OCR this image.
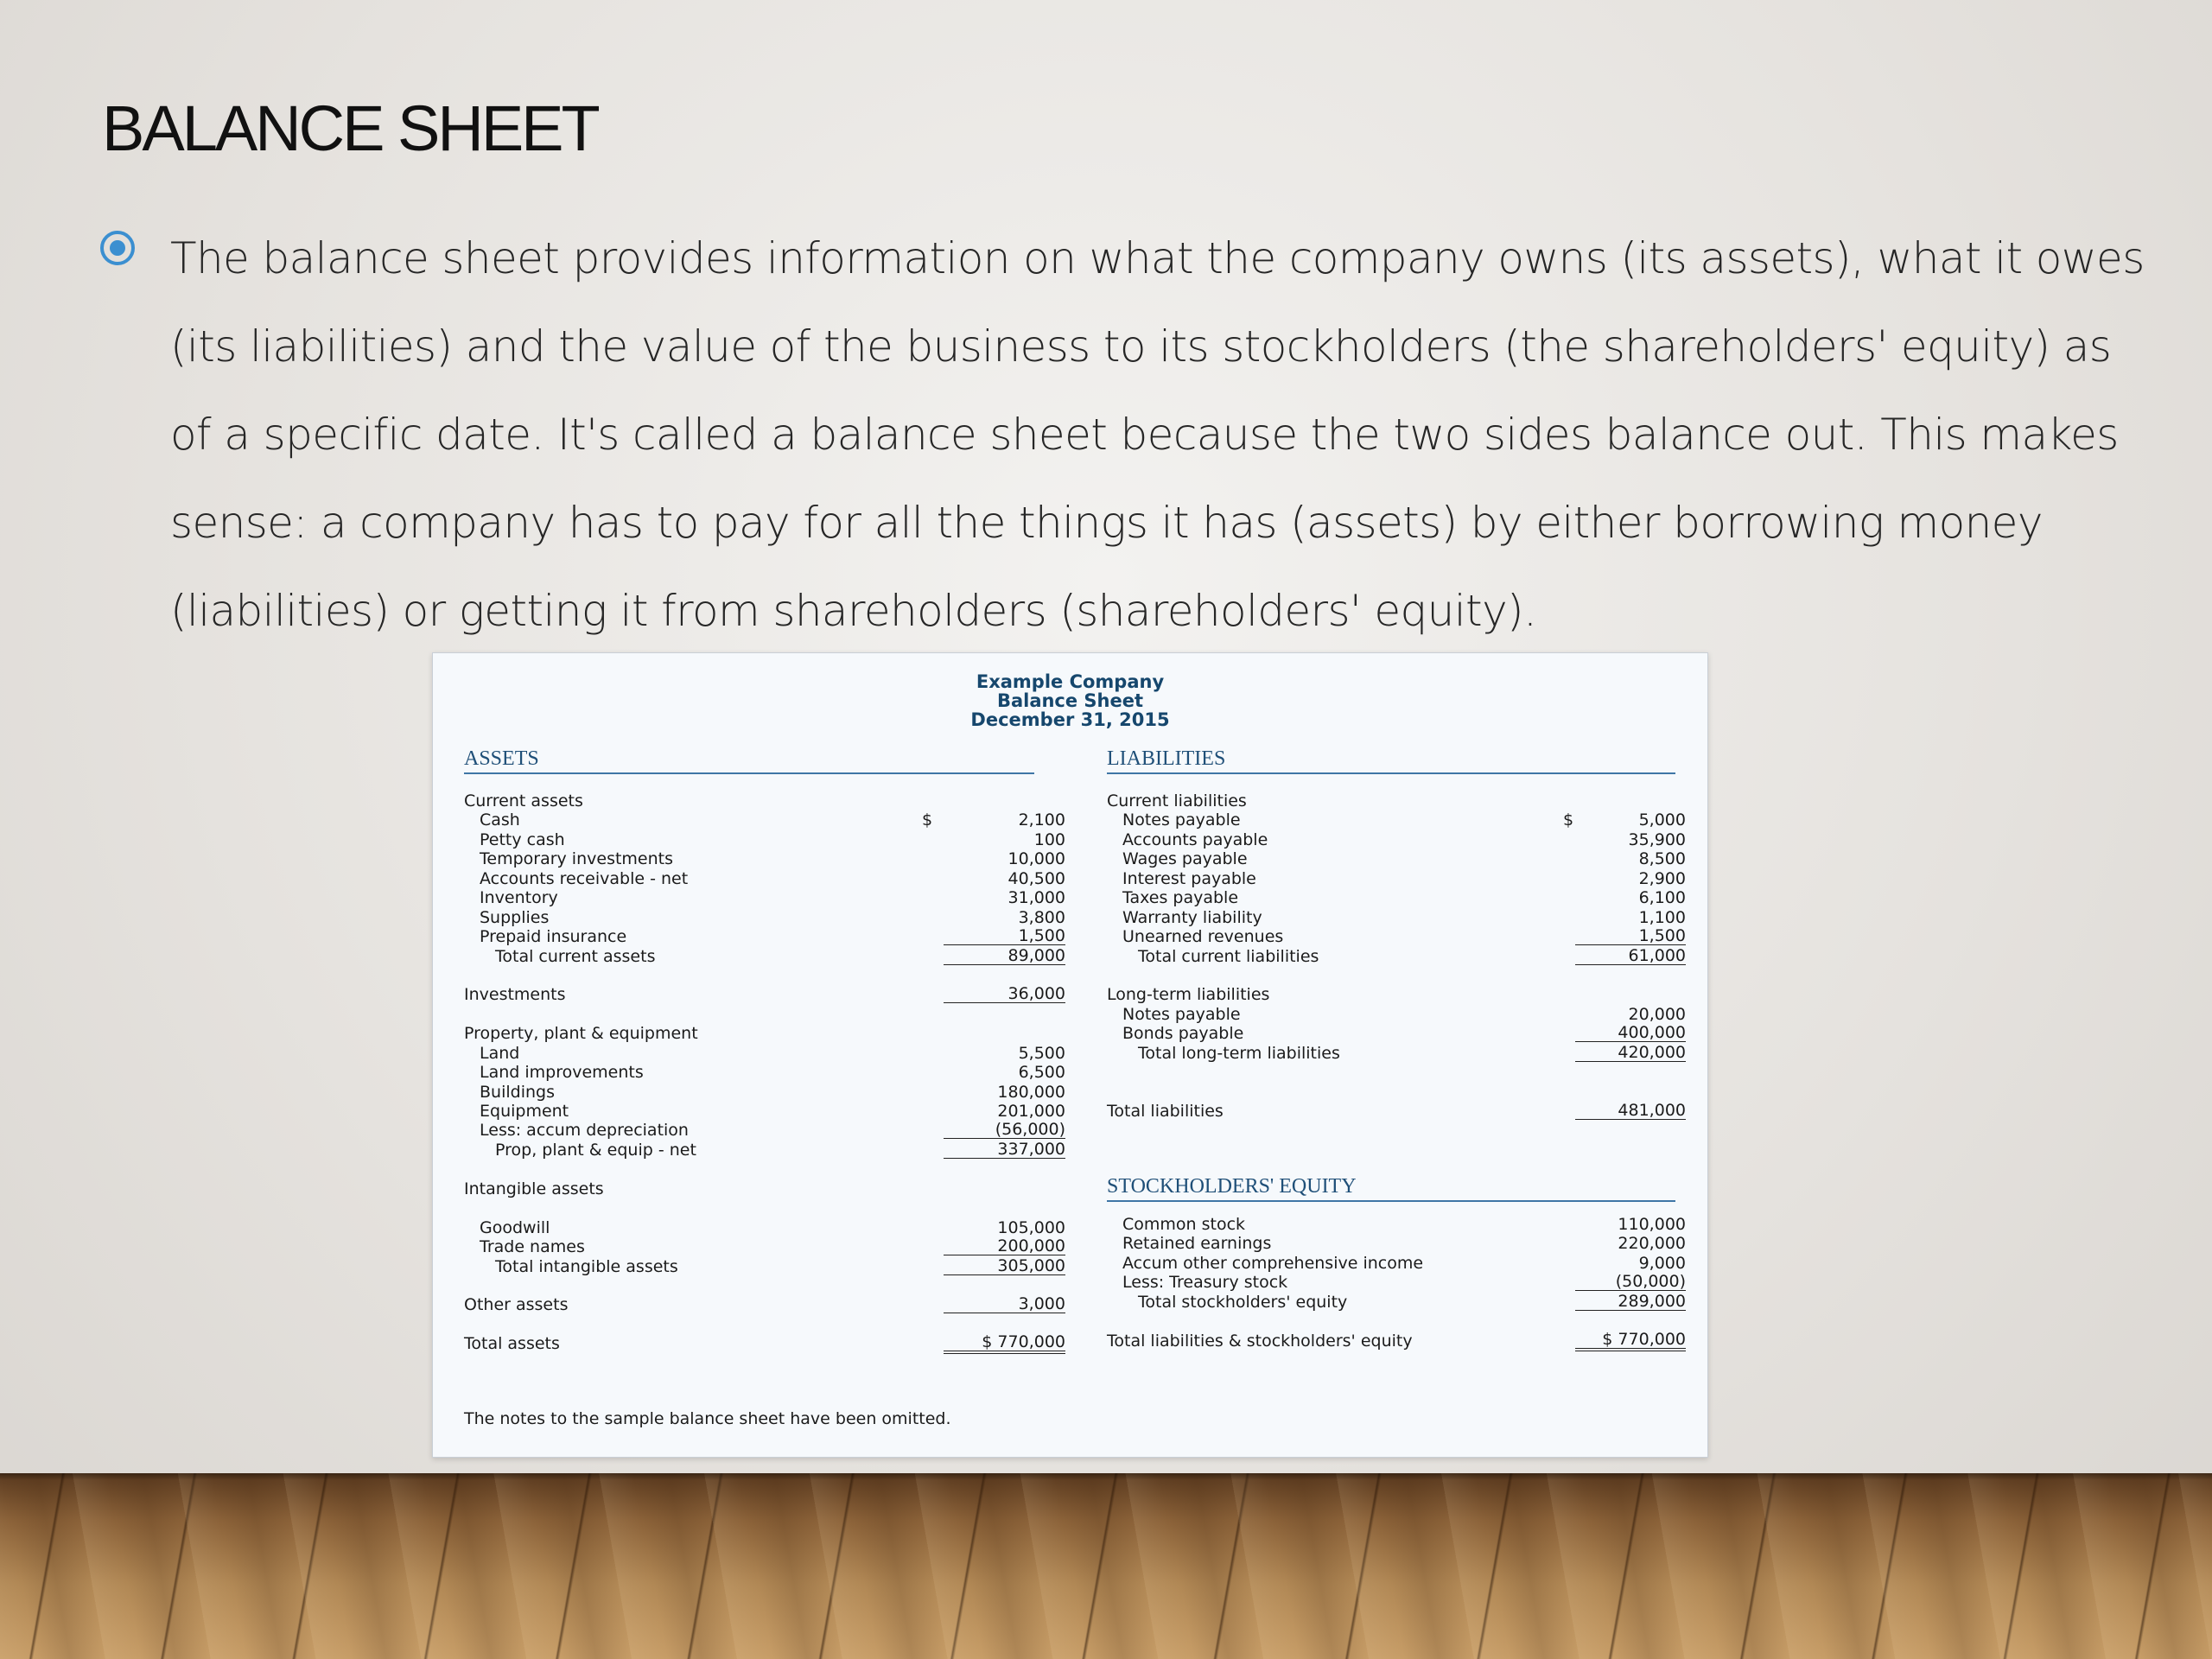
BALANCE SHEET

The balance sheet provides information on what the company owns (its assets), what it owes (its liabilities) and the value of the business to its stockholders (the shareholders' equity) as of a specific date. It's called a balance sheet because the two sides balance out. This makes sense: a company has to pay for all the things it has (assets) by either borrowing money (liabilities) or getting it from shareholders (shareholders' equity).

Example Company
Balance Sheet
December 31, 2015
ASSETS	LIABILITIES
Current assets
Cash	$	2,100
Petty cash	100
Temporary investments	10,000
Accounts receivable - net	40,500
Inventory	31,000
Supplies	3,800
Prepaid insurance	1,500
Total current assets	89,000
Investments	36,000
Property, plant & equipment
Land	5,500
Land improvements	6,500
Buildings	180,000
Equipment	201,000
Less: accum depreciation	(56,000)
Prop, plant & equip - net	337,000
Intangible assets
Goodwill	105,000
Trade names	200,000
Total intangible assets	305,000
Other assets	3,000
Total assets	$ 770,000
Current liabilities
Notes payable	$	5,000
Accounts payable	35,900
Wages payable	8,500
Interest payable	2,900
Taxes payable	6,100
Warranty liability	1,100
Unearned revenues	1,500
Total current liabilities	61,000
Long-term liabilities
Notes payable	20,000
Bonds payable	400,000
Total long-term liabilities	420,000
Total liabilities	481,000
STOCKHOLDERS' EQUITY
Common stock	110,000
Retained earnings	220,000
Accum other comprehensive income	9,000
Less: Treasury stock	(50,000)
Total stockholders' equity	289,000
Total liabilities & stockholders' equity	$ 770,000
The notes to the sample balance sheet have been omitted.
